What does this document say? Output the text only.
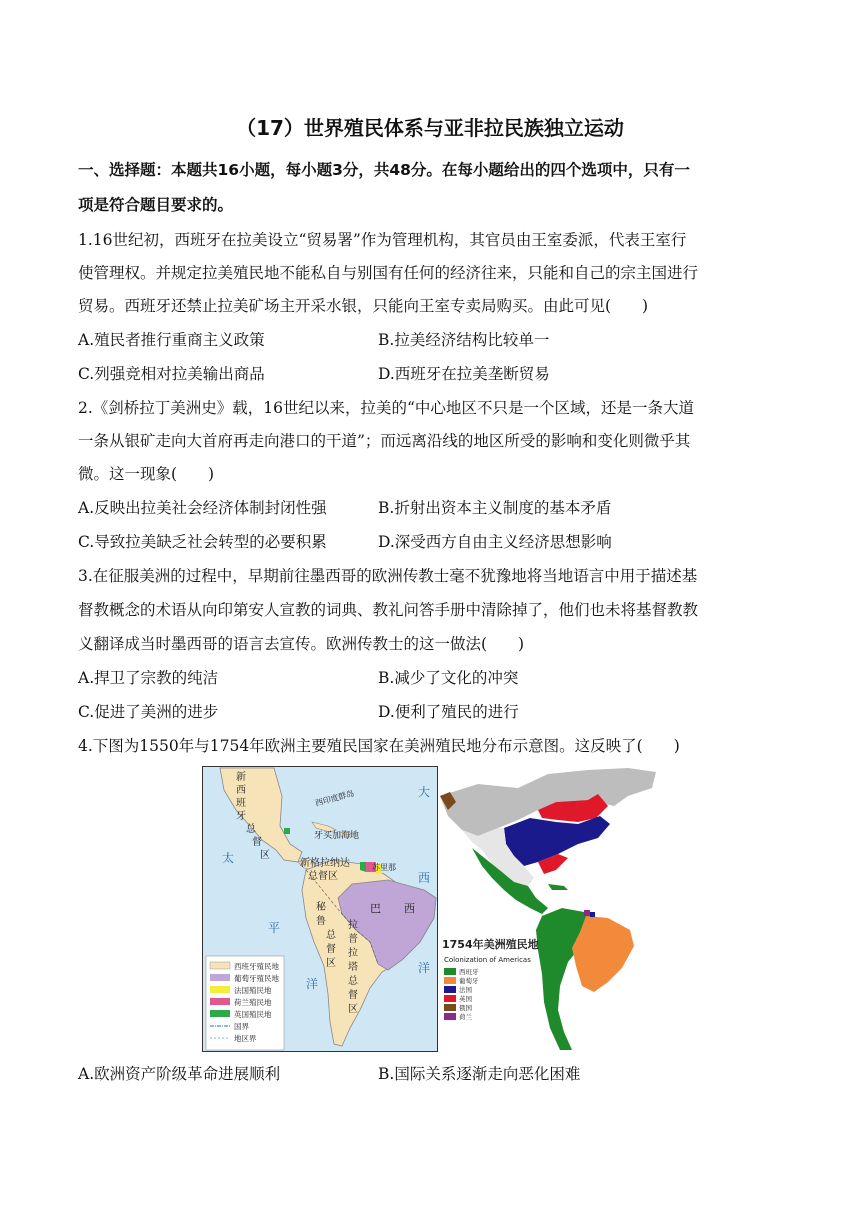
（17）世界殖民体系与亚非拉民族独立运动
一、选择题：本题共16小题，每小题3分，共48分。在每小题给出的四个选项中，只有一
项是符合题目要求的。
1.16世纪初，西班牙在拉美设立“贸易署”作为管理机构，其官员由王室委派，代表王室行
使管理权。并规定拉美殖民地不能私自与别国有任何的经济往来，只能和自己的宗主国进行
贸易。西班牙还禁止拉美矿场主开采水银，只能向王室专卖局购买。由此可见(　　)
A.殖民者推行重商主义政策	B.拉美经济结构比较单一
C.列强竞相对拉美输出商品	D.西班牙在拉美垄断贸易
2.《剑桥拉丁美洲史》载，16世纪以来，拉美的“中心地区不只是一个区域，还是一条大道
一条从银矿走向大首府再走向港口的干道”；而远离沿线的地区所受的影响和变化则微乎其
微。这一现象(　　)
A.反映出拉美社会经济体制封闭性强	B.折射出资本主义制度的基本矛盾
C.导致拉美缺乏社会转型的必要积累	D.深受西方自由主义经济思想影响
3.在征服美洲的过程中，早期前往墨西哥的欧洲传教士毫不犹豫地将当地语言中用于描述基
督教概念的术语从向印第安人宣教的词典、教礼问答手册中清除掉了，他们也未将基督教教
义翻译成当时墨西哥的语言去宣传。欧洲传教士的这一做法(　　)
A.捍卫了宗教的纯洁	B.减少了文化的冲突
C.促进了美洲的进步	D.便利了殖民的进行
4.下图为1550年与1754年欧洲主要殖民国家在美洲殖民地分布示意图。这反映了(　　)
新
西
班
牙
总
督
区
西印度群岛
牙买加海地
新格拉纳达
总督区
苏里那
巴 西
秘
鲁
总
督
区
拉
普
拉
塔
总
督
区
大
西
洋
太
平
洋
西班牙殖民地
葡萄牙殖民地
法国殖民地
荷兰殖民地
英国殖民地
国界
地区界
1754年美洲殖民地
Colonization of Americas
西班牙
葡萄牙
法国
英国
俄国
荷兰
A.欧洲资产阶级革命进展顺利	B.国际关系逐渐走向恶化困难
